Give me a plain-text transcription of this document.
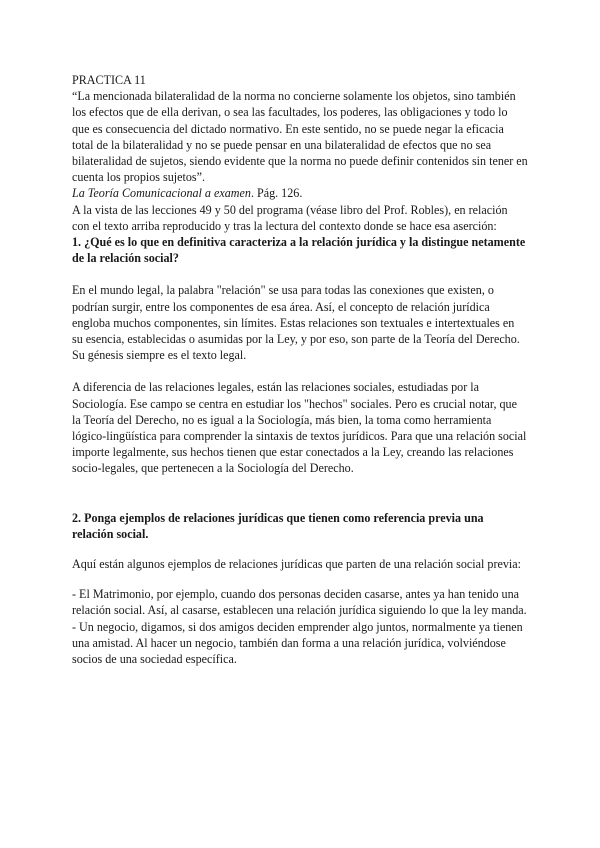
PRACTICA 11

“La mencionada bilateralidad de la norma no concierne solamente los objetos, sino también los efectos que de ella derivan, o sea las facultades, los poderes, las obligaciones y todo lo que es consecuencia del dictado normativo. En este sentido, no se puede negar la eficacia total de la bilateralidad y no se puede pensar en una bilateralidad de efectos que no sea bilateralidad de sujetos, siendo evidente que la norma no puede definir contenidos sin tener en cuenta los propios sujetos”.

La Teoría Comunicacional a examen. Pág. 126.

A la vista de las lecciones 49 y 50 del programa (véase libro del Prof. Robles), en relación con el texto arriba reproducido y tras la lectura del contexto donde se hace esa aserción:

1. ¿Qué es lo que en definitiva caracteriza a la relación jurídica y la distingue netamente de la relación social?

En el mundo legal, la palabra "relación" se usa para todas las conexiones que existen, o podrían surgir, entre los componentes de esa área. Así, el concepto de relación jurídica engloba muchos componentes, sin límites. Estas relaciones son textuales e intertextuales en su esencia, establecidas o asumidas por la Ley, y por eso, son parte de la Teoría del Derecho. Su génesis siempre es el texto legal.

A diferencia de las relaciones legales, están las relaciones sociales, estudiadas por la Sociología. Ese campo se centra en estudiar los "hechos" sociales. Pero es crucial notar, que la Teoría del Derecho, no es igual a la Sociología, más bien, la toma como herramienta lógico-lingüística para comprender la sintaxis de textos jurídicos. Para que una relación social importe legalmente, sus hechos tienen que estar conectados a la Ley, creando las relaciones socio-legales, que pertenecen a la Sociología del Derecho.

2. Ponga ejemplos de relaciones jurídicas que tienen como referencia previa una relación social.

Aquí están algunos ejemplos de relaciones jurídicas que parten de una relación social previa:

- El Matrimonio, por ejemplo, cuando dos personas deciden casarse, antes ya han tenido una relación social. Así, al casarse, establecen una relación jurídica siguiendo lo que la ley manda.

- Un negocio, digamos, si dos amigos deciden emprender algo juntos, normalmente ya tienen una amistad. Al hacer un negocio, también dan forma a una relación jurídica, volviéndose socios de una sociedad específica.
